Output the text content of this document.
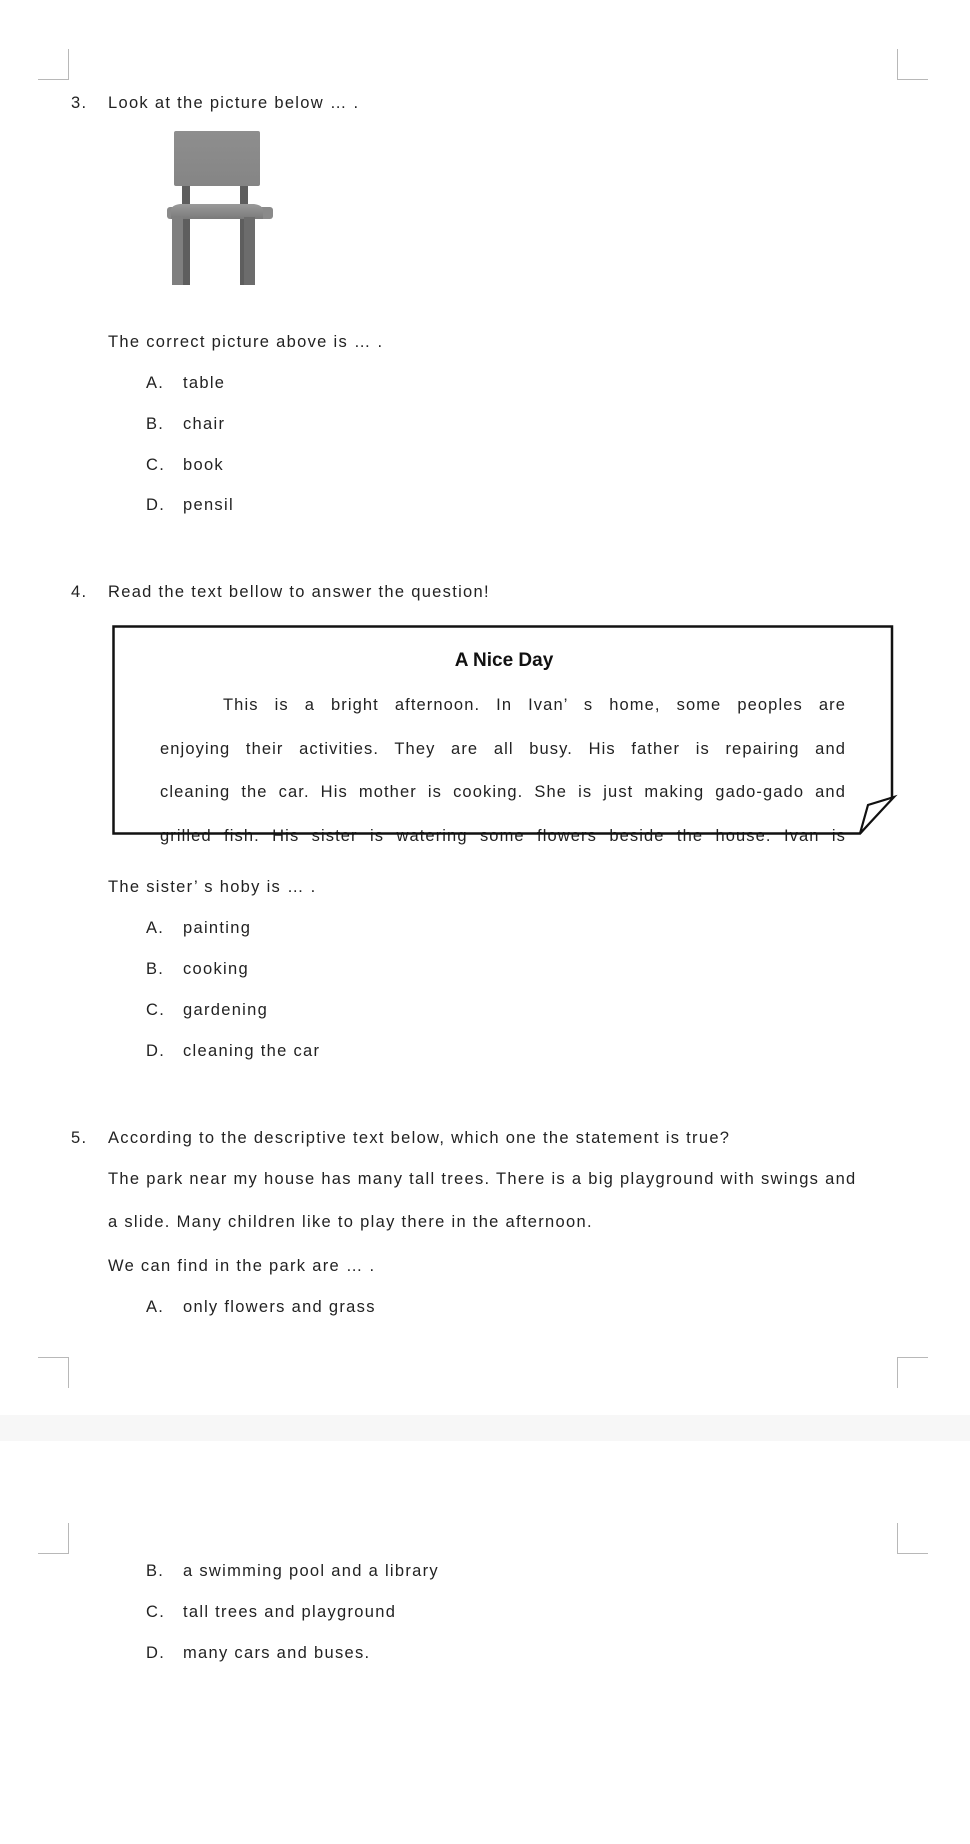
3. Look at the picture below … .
The correct picture above is … .
A. table
B. chair
C. book
D. pensil
4. Read the text bellow to answer the question!
A Nice Day
This is a bright afternoon. In Ivan’ s home, some peoples are
enjoying their activities. They are all busy. His father is repairing and
cleaning the car. His mother is cooking. She is just making gado-gado and
grilled fish. His sister is watering some flowers beside the house. Ivan is
The sister’ s hoby is … .
A. painting
B. cooking
C. gardening
D. cleaning the car
5. According to the descriptive text below, which one the statement is true?
The park near my house has many tall trees. There is a big playground with swings and
a slide. Many children like to play there in the afternoon.
We can find in the park are … .
A. only flowers and grass
B. a swimming pool and a library
C. tall trees and playground
D. many cars and buses.
